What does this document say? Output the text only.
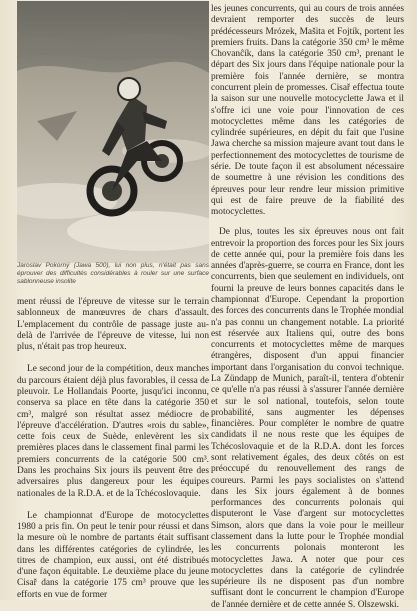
Jaroslav Pokorný (Jawa 500), lui non plus, n'était pas sans éprouver des difficultés considérables à rouler sur une surface sablonneuse insolite

ment réussi de l'épreuve de vitesse sur le terrain sablonneux de manœuvres de chars d'assault. L'emplacement du contrôle de passage juste au-delà de l'arrivée de l'épreuve de vitesse, lui non plus, n'était pas trop heureux.

Le second jour de la compétition, deux manches du parcours étaient déjà plus favorables, il cessa de pleuvoir. Le Hollandais Poorte, jusqu'ici inconnu, conserva sa place en tête dans la catégorie 350 cm³, malgré son résultat assez médiocre de l'épreuve d'accélération. D'autres «rois du sable», cette fois ceux de Suède, enlevèrent les six premières places dans le classement final parmi les premiers concurrents de la catégorie 500 cm³. Dans les prochains Six jours ils peuvent être des adversaires plus dangereux pour les équipes nationales de la R.D.A. et de la Tchécoslovaquie.

Le championnat d'Europe de motocyclettes 1980 a pris fin. On peut le tenir pour réussi et dans la mesure où le nombre de partants était suffisant dans les différentes catégories de cylindrée, les titres de champion, eux aussi, ont été distribués d'une façon équitable. Le deuxième place du jeune Cisař dans la catégorie 175 cm³ prouve que les efforts en vue de former

les jeunes concurrents, qui au cours de trois années devraient remporter des succès de leurs prédécesseurs Mrózek, Mašita et Fojtík, portent les premiers fruits. Dans la catégorie 350 cm³ le même Chovanĉík, dans la catégorie 350 cm³, prenant le départ des Six jours dans l'équipe nationale pour la première fois l'année dernière, se montra concurrent plein de promesses. Cisař effectua toute la saison sur une nouvelle motocyclette Jawa et il s'offre ici une voie pour l'innovation de ces motocyclettes même dans les catégories de cylindrée supérieures, en dépit du fait que l'usine Jawa cherche sa mission majeure avant tout dans le perfectionnement des motocyclettes de tourisme de série. De toute façon il est absolument nécessaire de soumettre à une révision les conditions des épreuves pour leur rendre leur mission primitive qui est de faire preuve de la fiabilité des motocyclettes.

De plus, toutes les six épreuves nous ont fait entrevoir la proportion des forces pour les Six jours de cette année qui, pour la première fois dans les années d'après-guerre, se courra en France, dont les concurrents, bien que seulement en individuels, ont fourni la preuve de leurs bonnes capacités dans le championnat d'Europe. Cependant la proportion des forces des concurrents dans le Trophée mondial n'a pas connu un changement notable. La priorité est réservée aux Italiens qui, outre des bons concurrents et motocyclettes même de marques étrangères, disposent d'un appui financier important dans l'organisation du convoi technique. La Zündapp de Munich, paraît-il, tentera d'obtenir ce qu'elle n'a pas réussi à s'assurer l'année dernière et sur le sol national, toutefois, selon toute probabilité, sans augmenter les dépenses financières. Pour compléter le nombre de quatre candidats il ne nous reste que les équipes de Tchécoslovaquie et de la R.D.A. dont les forces sont relativement égales, des deux côtés on est préoccupé du renouvellement des rangs de coureurs. Parmi les pays socialistes on s'attend dans les Six jours également à de bonnes performances des concurrents polonais qui disputeront le Vase d'argent sur motocyclettes Simson, alors que dans la voie pour le meilleur classement dans la lutte pour le Trophée mondial les concurrents polonais monteront les motocyclettes Jawa. A noter que pour ces motocyclettes dans la catégorie de cylindrée supérieure ils ne disposent pas d'un nombre suffisant dont le concurrent le champion d'Europe de l'année dernière et de cette année S. Olszewski.
